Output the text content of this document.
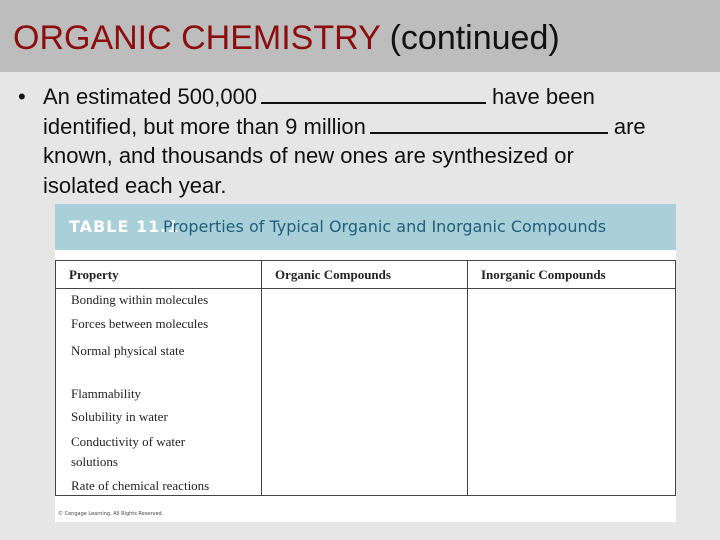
ORGANIC CHEMISTRY (continued)
• An estimated 500,000	have been
identified, but more than 9 million	are
known, and thousands of new ones are synthesized or
isolated each year.
TABLE 11.1
Properties of Typical Organic and Inorganic Compounds
Property	Organic Compounds	Inorganic Compounds
Bonding within molecules
Forces between molecules
Normal physical state
Flammability
Solubility in water
Conductivity of water
solutions
Rate of chemical reactions
© Cengage Learning. All Rights Reserved.
